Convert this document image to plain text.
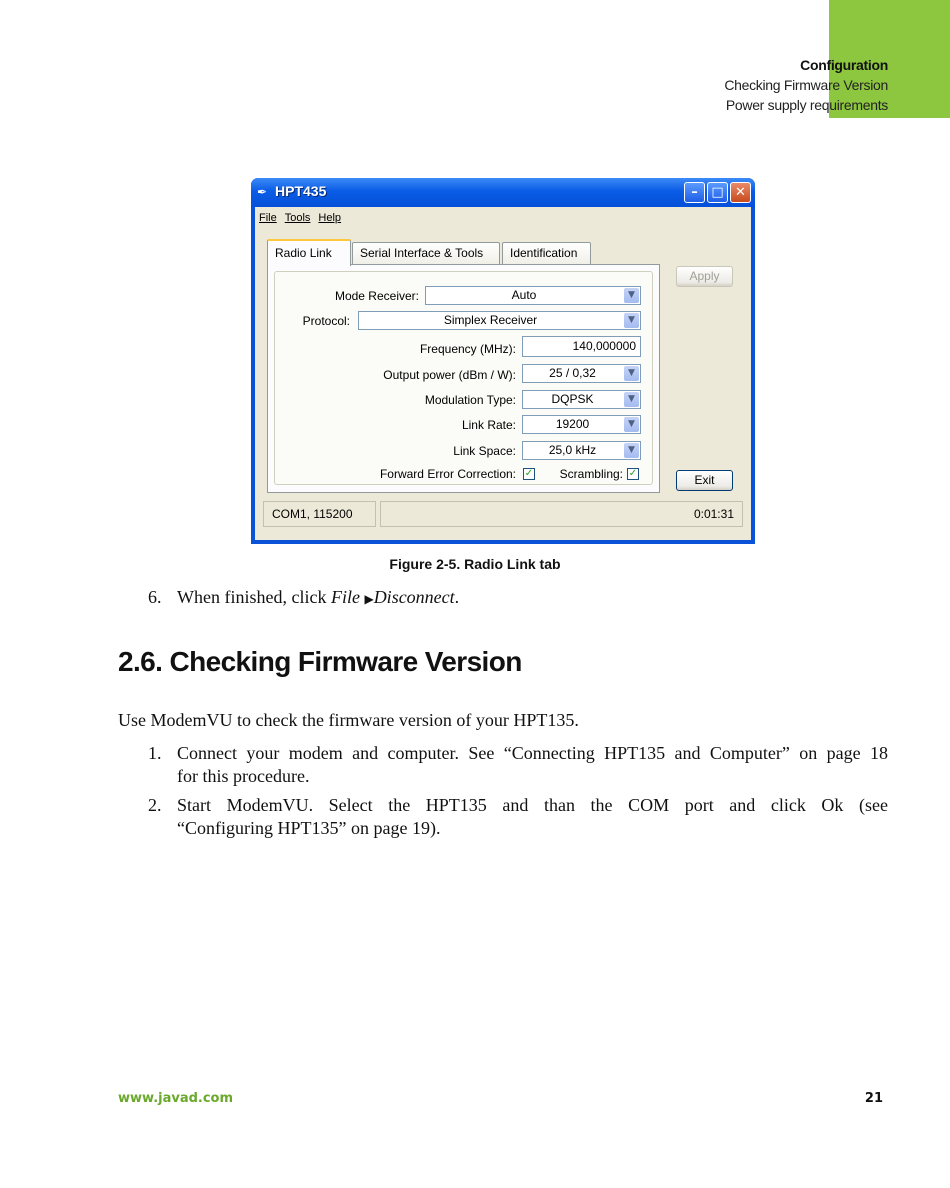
Configuration
Checking Firmware Version
Power supply requirements
✒ HPT435	–	□ ✕
File Tools Help
Radio Link	Serial Interface & Tools	Identification
Mode Receiver:	Auto	▼
Protocol:	Simplex Receiver	▼
Frequency (MHz):	140,000000
Output power (dBm / W):	25 / 0,32	▼
Modulation Type:	DQPSK	▼
Link Rate:	19200	▼
Link Space:	25,0 kHz	▼
Forward Error Correction: ✓	Scrambling: ✓
Apply
Exit
COM1, 115200	0:01:31
Figure 2-5. Radio Link tab
6. When finished, click File ▶Disconnect.
2.6. Checking Firmware Version
Use ModemVU to check the firmware version of your HPT135.
1. Connect your modem and computer. See “Connecting HPT135 and Computer” on page 18
for this procedure.
2. Start ModemVU. Select the HPT135 and than the COM port and click Ok (see
“Configuring HPT135” on page 19).
www.javad.com	21
